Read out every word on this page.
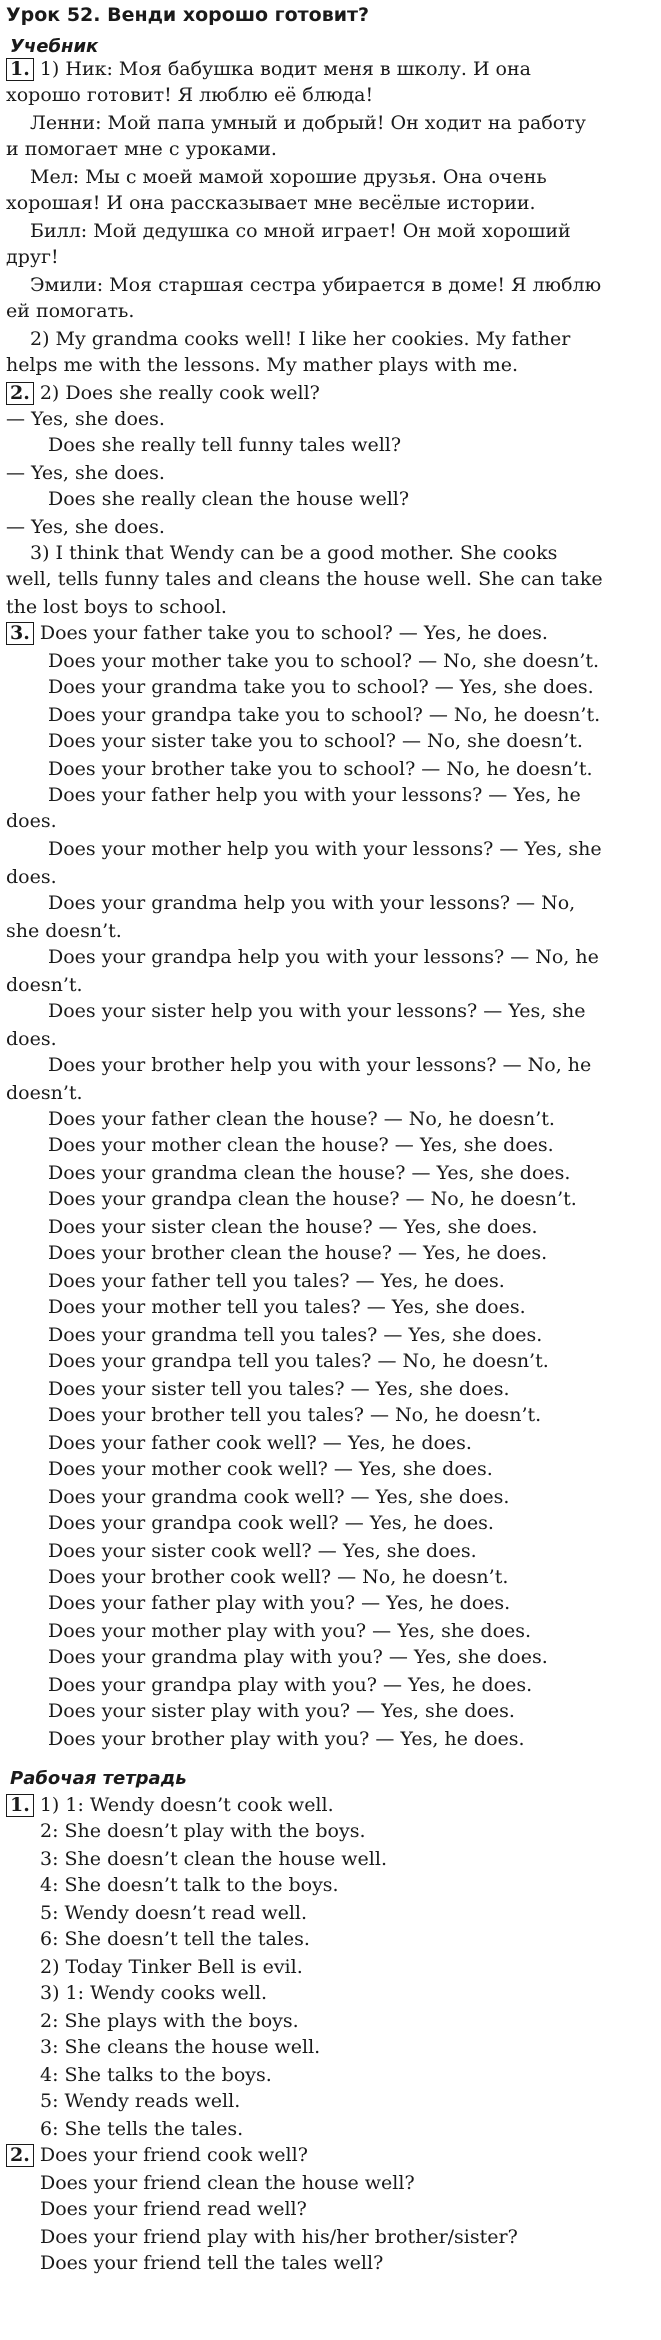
Урок 52. Венди хорошо готовит?
Учебник
1. 1) Ник: Моя бабушка водит меня в школу. И она
хорошо готовит! Я люблю её блюда!
Ленни: Мой папа умный и добрый! Он ходит на работу
и помогает мне с уроками.
Мел: Мы с моей мамой хорошие друзья. Она очень
хорошая! И она рассказывает мне весёлые истории.
Билл: Мой дедушка со мной играет! Он мой хороший
друг!
Эмили: Моя старшая сестра убирается в доме! Я люблю
ей помогать.
2) My grandma cooks well! I like her cookies. My father
helps me with the lessons. My mather plays with me.
2. 2) Does she really cook well?
— Yes, she does.
Does she really tell funny tales well?
— Yes, she does.
Does she really clean the house well?
— Yes, she does.
3) I think that Wendy can be a good mother. She cooks
well, tells funny tales and cleans the house well. She can take
the lost boys to school.
3. Does your father take you to school? — Yes, he does.
Does your mother take you to school? — No, she doesn’t.
Does your grandma take you to school? — Yes, she does.
Does your grandpa take you to school? — No, he doesn’t.
Does your sister take you to school? — No, she doesn’t.
Does your brother take you to school? — No, he doesn’t.
Does your father help you with your lessons? — Yes, he
does.
Does your mother help you with your lessons? — Yes, she
does.
Does your grandma help you with your lessons? — No,
she doesn’t.
Does your grandpa help you with your lessons? — No, he
doesn’t.
Does your sister help you with your lessons? — Yes, she
does.
Does your brother help you with your lessons? — No, he
doesn’t.
Does your father clean the house? — No, he doesn’t.
Does your mother clean the house? — Yes, she does.
Does your grandma clean the house? — Yes, she does.
Does your grandpa clean the house? — No, he doesn’t.
Does your sister clean the house? — Yes, she does.
Does your brother clean the house? — Yes, he does.
Does your father tell you tales? — Yes, he does.
Does your mother tell you tales? — Yes, she does.
Does your grandma tell you tales? — Yes, she does.
Does your grandpa tell you tales? — No, he doesn’t.
Does your sister tell you tales? — Yes, she does.
Does your brother tell you tales? — No, he doesn’t.
Does your father cook well? — Yes, he does.
Does your mother cook well? — Yes, she does.
Does your grandma cook well? — Yes, she does.
Does your grandpa cook well? — Yes, he does.
Does your sister cook well? — Yes, she does.
Does your brother cook well? — No, he doesn’t.
Does your father play with you? — Yes, he does.
Does your mother play with you? — Yes, she does.
Does your grandma play with you? — Yes, she does.
Does your grandpa play with you? — Yes, he does.
Does your sister play with you? — Yes, she does.
Does your brother play with you? — Yes, he does.
Рабочая тетрадь
1. 1) 1: Wendy doesn’t cook well.
2: She doesn’t play with the boys.
3: She doesn’t clean the house well.
4: She doesn’t talk to the boys.
5: Wendy doesn’t read well.
6: She doesn’t tell the tales.
2) Today Tinker Bell is evil.
3) 1: Wendy cooks well.
2: She plays with the boys.
3: She cleans the house well.
4: She talks to the boys.
5: Wendy reads well.
6: She tells the tales.
2. Does your friend cook well?
Does your friend clean the house well?
Does your friend read well?
Does your friend play with his/her brother/sister?
Does your friend tell the tales well?
